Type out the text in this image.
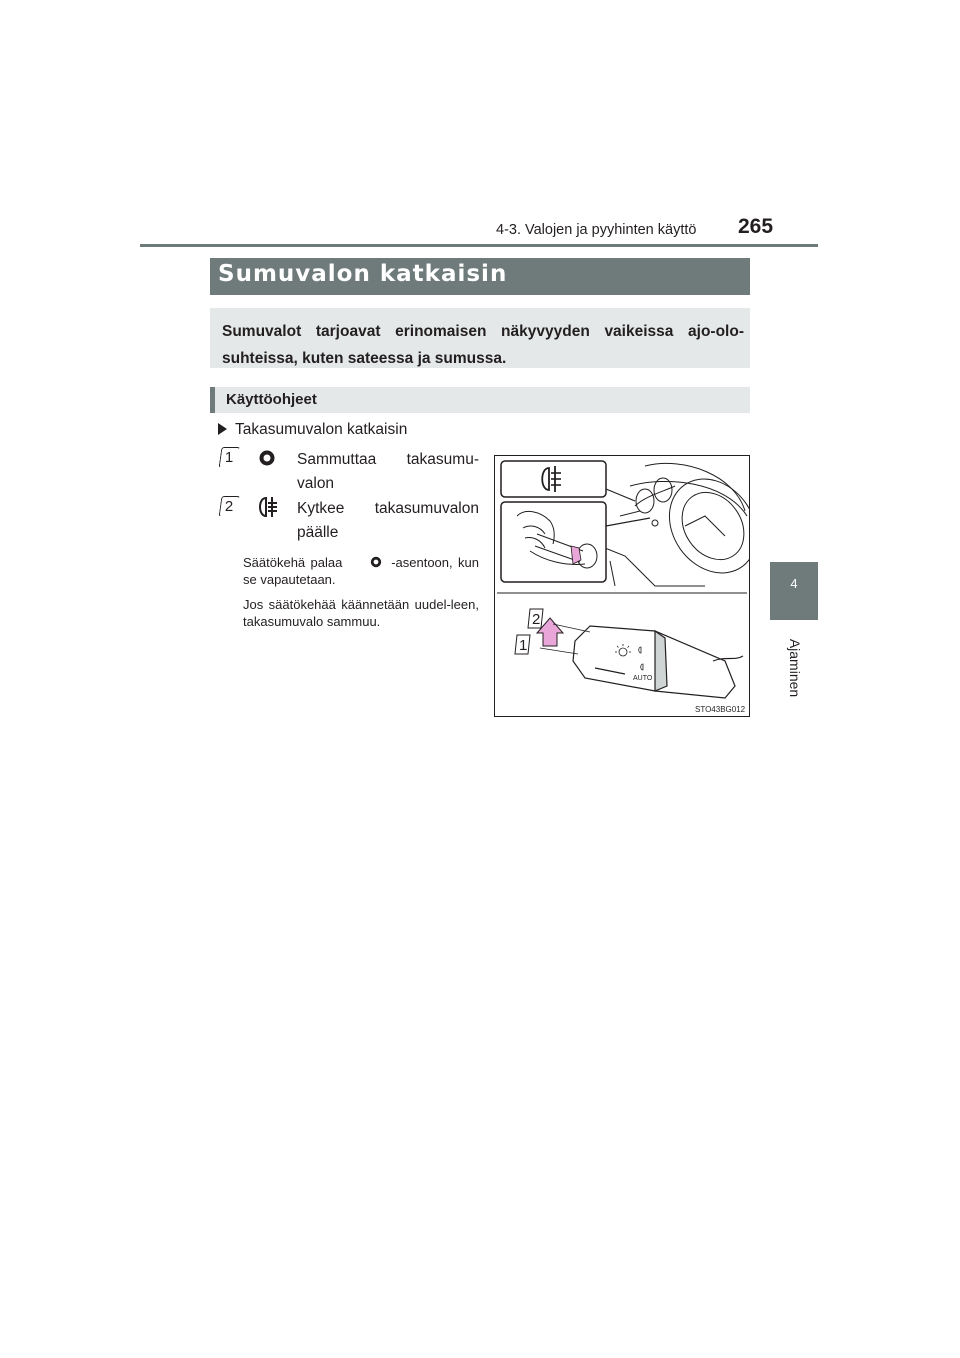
4-3. Valojen ja pyyhinten käyttö 265
4
Ajaminen
Sumuvalon katkaisin
Sumuvalot tarjoavat erinomaisen näkyvyyden vaikeissa ajo-olo-suhteissa, kuten sateessa ja sumussa.
Käyttöohjeet
Takasumuvalon katkaisin
1	Sammuttaa takasumu-valon
2	Kytkee takasumuvalon päälle
Säätökehä palaa	-asentoon, kun se vapautetaan.
Jos säätökehää käännetään uudel-leen, takasumuvalo sammuu.
AUTO
2
1
STO43BG012
